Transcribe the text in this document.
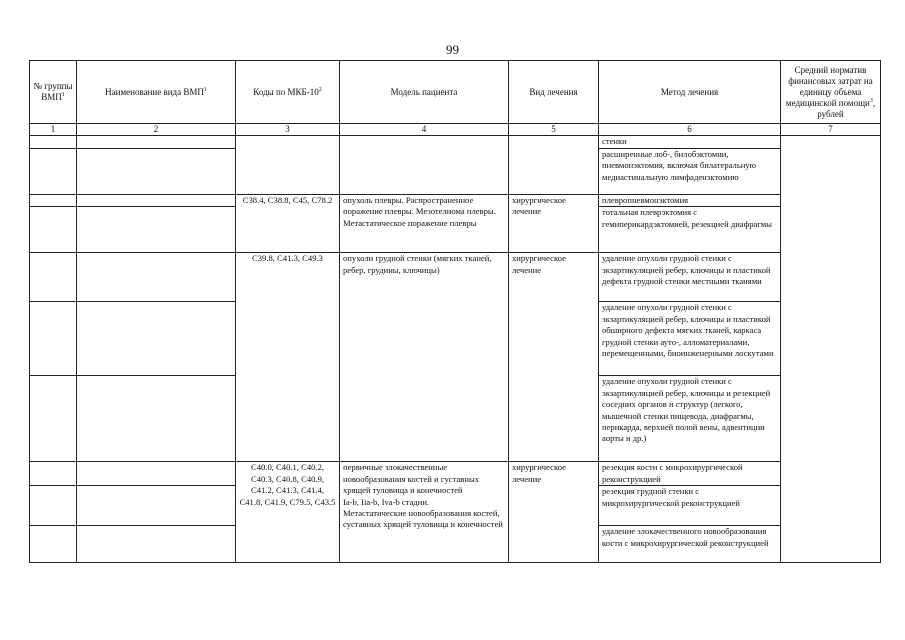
99
№ группы ВМП$^1$	Наименование вида ВМП$^1$	Коды по МКБ-$10^2$	Модель пациента	Вид лечения	Метод лечения	Средний норматив финансовых затрат на единицу объема медицинской помощи$^3$, рублей
1	2	3	4	5	6	7
					стенки	
					расширенные лоб-, билобэктомии, пневмонэктомия, включая билатеральную медиастинальную лимфаденэктомию	
		C38.4, C38.8, C45, C78.2	опухоль плевры. Распространенное поражение плевры. Мезотелиома плевры. Метастатическое поражение плевры	хирургическое лечение	плевропневмонэктомия	
					тотальная плеврэктомия с гемиперикардэктомией, резекцией диафрагмы	
		C39.8, C41.3, C49.3	опухоли грудной стенки (мягких тканей, ребер, грудины, ключицы)	хирургическое лечение	удаление опухоли грудной стенки с экзартикуляцией ребер, ключицы и пластикой дефекта грудной стенки местными тканями	
					удаление опухоли грудной стенки с экзартикуляцией ребер, ключицы и пластикой обширного дефекта мягких тканей, каркаса грудной стенки ауто-, алломатериалами, перемещенными, биоинженерными лоскутами	
					удаление опухоли грудной стенки с экзартикуляцией ребер, ключицы и резекцией соседних органов и структур (легкого, мышечной стенки пищевода, диафрагмы, перикарда, верхней полой вены, адвентиции аорты и др.)	
		C40.0, C40.1, C40.2, C40.3, C40.8, C40.9, C41.2, C41.3, C41.4, C41.8, C41.9, C79.5, C43.5	первичные злокачественные новообразования костей и суставных хрящей туловища и конечностей
Ia-b, Iia-b, Iva-b стадии.
Метастатические новообразования костей, суставных хрящей туловища и конечностей	хирургическое лечение	резекция кости с микрохирургической реконструкцией	
					резекция грудной стенки с микрохирургической реконструкцией	
					удаление злокачественного новообразования кости с микрохирургической реконструкцией	
